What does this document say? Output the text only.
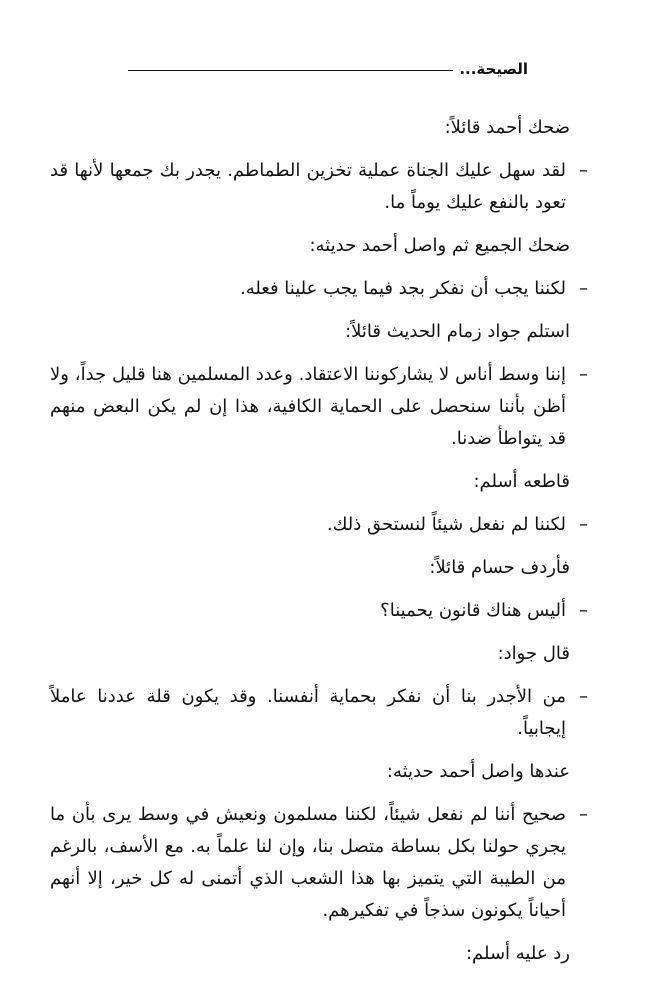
الصيحة...

ضحك أحمد قائلاً:

–
لقد سهل عليك الجناة عملية تخزين الطماطم. يجدر بك جمعها لأنها قد تعود بالنفع عليك يوماً ما.

ضحك الجميع ثم واصل أحمد حديثه:

–
لكننا يجب أن نفكر بجد فيما يجب علينا فعله.

استلم جواد زمام الحديث قائلاً:

–
إننا وسط أناس لا يشاركوننا الاعتقاد. وعدد المسلمين هنا قليل جداً، ولا أظن بأننا سنحصل على الحماية الكافية، هذا إن لم يكن البعض منهم قد يتواطأ ضدنا.

قاطعه أسلم:

–
لكننا لم نفعل شيئاً لنستحق ذلك.

فأردف حسام قائلاً:

–
أليس هناك قانون يحمينا؟

قال جواد:

–
من الأجدر بنا أن نفكر بحماية أنفسنا. وقد يكون قلة عددنا عاملاً إيجابياً.

عندها واصل أحمد حديثه:

–
صحيح أننا لم نفعل شيئاً، لكننا مسلمون ونعيش في وسط يرى بأن ما يجري حولنا بكل بساطة متصل بنا، وإن لنا علماً به. مع الأسف، بالرغم من الطيبة التي يتميز بها هذا الشعب الذي أتمنى له كل خير، إلا أنهم أحياناً يكونون سذجاً في تفكيرهم.

رد عليه أسلم:
